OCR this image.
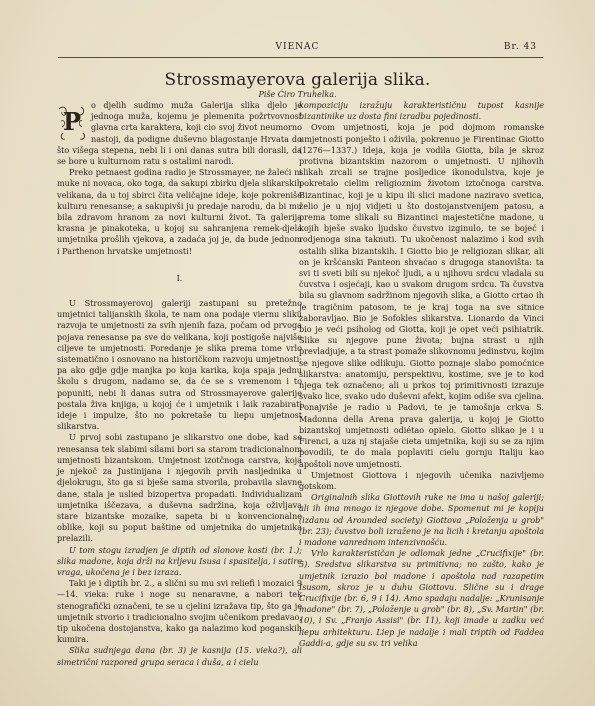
VIENAC	Br. 43
Strossmayerova galerija slika.
Piše Ćiro Truhelka.

P
o djelih sudimo muža Galerija slika djelo je jednoga muža, kojemu je plemenita požrtvovnost glavna crta karaktera, koji cio svoj život neumorno nastoji, da podigne duševno blagostanje Hrvata do što višega stepena, nebi li i oni danas sutra bili dorasli, da se bore u kulturnom ratu s ostalimi narodi.

Preko petnaest godina radio je Strossmayer, ne žaleći ni muke ni novaca, oko toga, da sakupi zbirku djela slikarskih velikana, da u toj sbirci čita veličajne ideje, koje pokreniše kulturu renesanse; a sakupivši ju predaje narodu, da bi mu bila zdravom hranom za novi kulturni život. Ta galerija krasna je pinakoteka, u kojoj su sahranjena remek-djela umjetnika prošlih vjekova, a zadaća joj je, da bude jednom i Parthenon hrvatske umjetnosti!

I.

U Strossmayerovoj galeriji zastupani su pretežno umjetnici talijanskih škola, te nam ona podaje viernu sliku razvoja te umjetnosti za svih njenih faza, počam od prvoga pojava renesanse pa sve do velikana, koji postigoše najviše ciljeve te umjetnosti. Poredanje je slika prema tome vrlo sistematično i osnovano na historičkom razvoju umjetnosti; pa ako gdje gdje manjka po koja karika, koja spaja jednu školu s drugom, nadamo se, da će se s vremenom i to popuniti, nebi li danas sutra od Strossmayerove galerije postala živa knjiga, u kojoj će i umjetnik i laik razabirati ideje i impulze, što no pokretaše tu liepu umjetnost slikarstva.

U prvoj sobi zastupano je slikarstvo one dobe, kad se renesansa tek slabimi silami bori sa starom tradicionalnom umjetnosti bizantskom. Umjetnost izotčnoga carstva, koja je njekoč za Justinijana i njegovih prvih nasljednika u djelokrugu, što ga si bješe sama stvorila, probavila slavne dane, stala je uslied bizopertva propadati. Individualizam umjetnika iščezava, a duševna sadržina, koja oživljava stare bizantske mozaike, sapeta bi u konvencionalne oblike, koji su poput baštine od umjetnika do umjetnika prelazili.

U tom stogu izradjen je diptih od slonove kosti (br. 1.); slika madone, koja drži na krljevu Isusa i spasitelja, i satire vraga, ukočena je i bez izraza.

Taki je i diptih br. 2., a slični su mu svi reliefi i mozaici 9—14. vieka: ruke i noge su nenaravne, a nabori tek stenografički označeni, te se u cjelini izražava tip, što ga je umjetnik stvorio i tradicionalno svojim učenikom predavao, tip ukočena dostojanstva, kako ga nalazimo kod poganskih kumira.

Slika sudnjega dana (br. 3) je kasnija (15. vieka?), ali simetrični razpored grupa seraca i duša, a i cielu

kompoziciju izražuju karakterističnu tupost kasnije bizantinike uz dosta fini izradbu pojedinosti.

Ovom umjetnosti, koja je pod dojmom romanske umjetnosti ponješto i oživila, pokrenuo je Firentinac Giotto (1276—1337.) Ideja, koja je vodila Giotta, bila je skroz protivna bizantskim nazorom o umjetnosti. U njihovih slikah zrcali se trajne posljedice ikonodulstva, koje je pokretalo cielim religioznim životom iztočnoga carstva. Bizantinac, koji je u kipu ili slici madone naziravo svetica, želio je u njoj vidjeti u što dostojanstvenijem patosu, a prema tome slikali su Bizantinci majestetične madone, u kojih bješe svako ljudsko čuvstvo izginulo, te se bojeć i rodjenoga sina taknuti. Tu ukočenost nalazimo i kod svih ostalih slika bizantskih. I Giotto bio je religiozan slikar, ali on je kršćanski Panteon shvaćao s drugoga stanovišta: ta svi ti sveti bili su njekoč ljudi, a u njihovu srdcu vladala su čuvstva i osjećaji, kao u svakom drugom srdcu. Ta čuvstva bila su glavnom sadržinom njegovih slika, a Giotto crtao ih je tragičnim patosom, te je kraj toga na sve sitnice zaboravljao. Bio je Sofokles slikarstva. Lionardo da Vinci bio je veći psiholog od Giotta, koji je opet veći psihiatrik. Slike su njegove pune života; bujna strast u njih prevladjuje, a ta strast pomaže slikovnomu jedinstvu, kojim se njegove slike odlikuju. Giotto poznaje slabo pomoćnice slikarstva: anatomiju, perspektivu, kostime, sve je to kod njega tek označeno; ali u prkos toj primitivnosti izrazuje svako lice, svako udo duševni afekt, kojim odiše sva cjelina. Ponajviše je radio u Padovi, te je tamošnja crkva S. Madonna della Arena prava galerija, u kojoj je Giotto bizantskoj umjetnosti odiétao opielo. Giotto slikao je i u Firenci, a uza nj stajaše cieta umjetnika, koji su se za njim povodili, te do mala poplaviti cielu gornju Italiju kao apoštoli nove umjetnosti.

Umjetnost Giottova i njegovih učenika nazivljemo gotskom.

Originalnih slika Giottovih ruke ne ima u našoj galeriji; ali ih ima mnogo iz njegove dobe. Spomenut mi je kopiju (izdanu od Arounded society) Giottova „Položenja u grob" (br. 23); čuvstvo boli izraženo je na licih i kretanju apoštola i madone vanrednom intenzivnošću.

Vrlo karakterističan je odlomak jedne „Crucifixije" (br. 5). Sredstva slikarstva su primitivna; no zašto, kako je umjetnik izrazio bol madone i apoštola nad razapetim Isusom, skroz je u duhu Giottovu. Slične su i drage Crucifixije (br. 6, 9 i 14). Amo spadaju nadalje: „Krunisanje madone" (br. 7), „Položenje u grob" (br. 8), „Sv. Martin" (br. 10), i Sv. „Franjo Assisi" (br. 11), koji imade u zadku već liepu arhitekturu. Liep je nadalje i mali triptih od Faddea Gaddi-a, gdje su sv. tri velika
